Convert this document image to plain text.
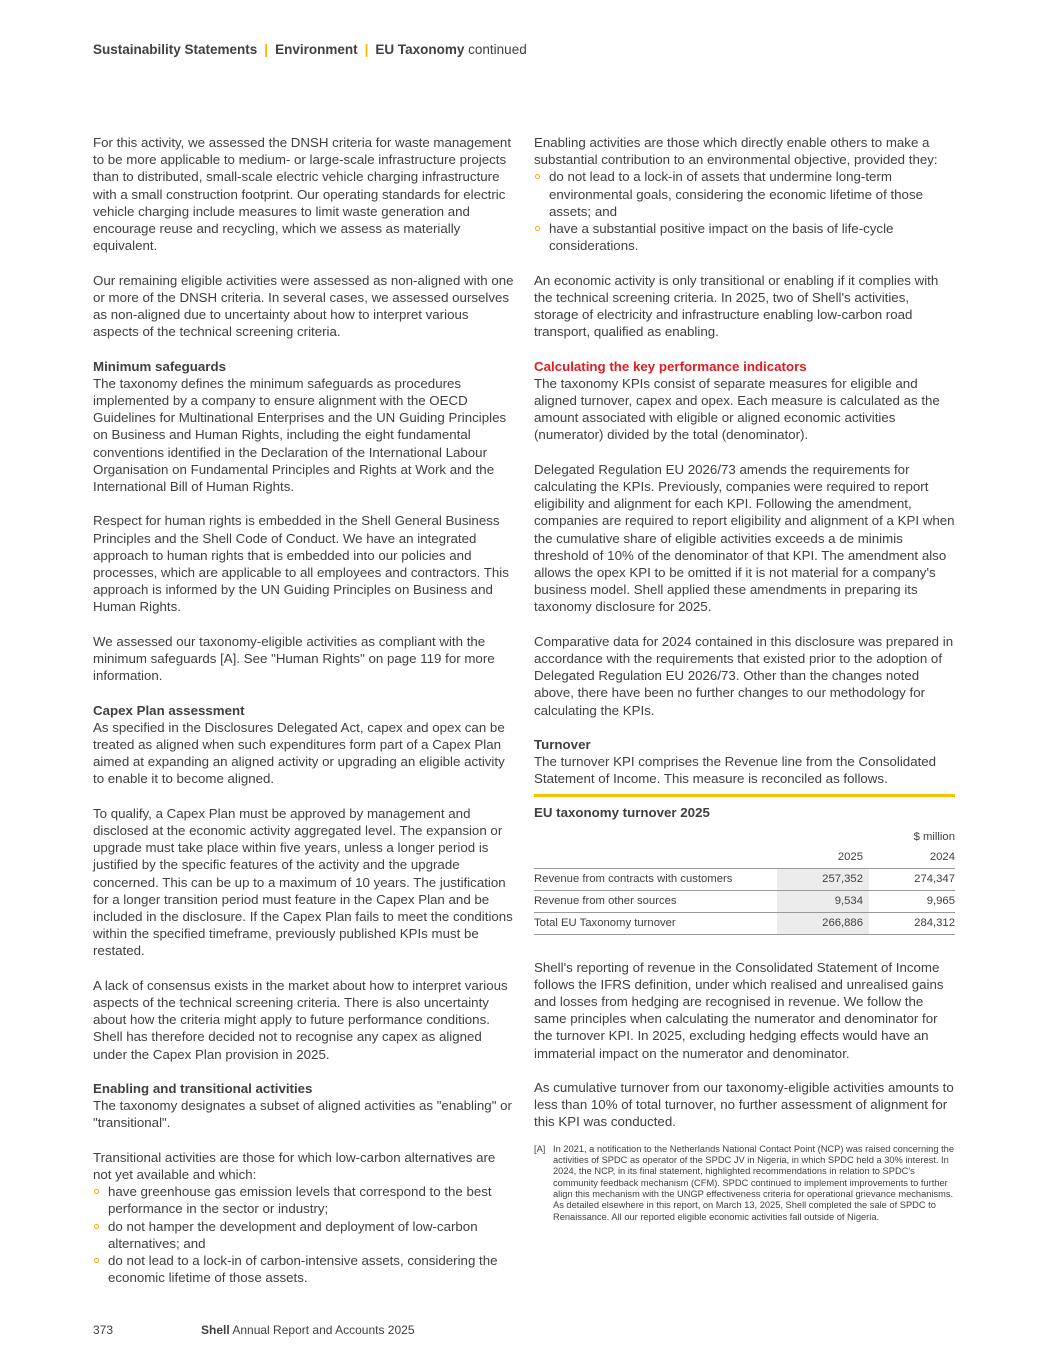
Sustainability Statements | Environment | EU Taxonomy continued

For this activity, we assessed the DNSH criteria for waste management to be more applicable to medium- or large-scale infrastructure projects than to distributed, small-scale electric vehicle charging infrastructure with a small construction footprint. Our operating standards for electric vehicle charging include measures to limit waste generation and encourage reuse and recycling, which we assess as materially equivalent.

Our remaining eligible activities were assessed as non-aligned with one or more of the DNSH criteria. In several cases, we assessed ourselves as non-aligned due to uncertainty about how to interpret various aspects of the technical screening criteria.

Minimum safeguards

The taxonomy defines the minimum safeguards as procedures implemented by a company to ensure alignment with the OECD Guidelines for Multinational Enterprises and the UN Guiding Principles on Business and Human Rights, including the eight fundamental conventions identified in the Declaration of the International Labour Organisation on Fundamental Principles and Rights at Work and the International Bill of Human Rights.

Respect for human rights is embedded in the Shell General Business Principles and the Shell Code of Conduct. We have an integrated approach to human rights that is embedded into our policies and processes, which are applicable to all employees and contractors. This approach is informed by the UN Guiding Principles on Business and Human Rights.

We assessed our taxonomy-eligible activities as compliant with the minimum safeguards [A]. See "Human Rights" on page 119 for more information.

Capex Plan assessment

As specified in the Disclosures Delegated Act, capex and opex can be treated as aligned when such expenditures form part of a Capex Plan aimed at expanding an aligned activity or upgrading an eligible activity to enable it to become aligned.

To qualify, a Capex Plan must be approved by management and disclosed at the economic activity aggregated level. The expansion or upgrade must take place within five years, unless a longer period is justified by the specific features of the activity and the upgrade concerned. This can be up to a maximum of 10 years. The justification for a longer transition period must feature in the Capex Plan and be included in the disclosure. If the Capex Plan fails to meet the conditions within the specified timeframe, previously published KPIs must be restated.

A lack of consensus exists in the market about how to interpret various aspects of the technical screening criteria. There is also uncertainty about how the criteria might apply to future performance conditions. Shell has therefore decided not to recognise any capex as aligned under the Capex Plan provision in 2025.

Enabling and transitional activities

The taxonomy designates a subset of aligned activities as "enabling" or "transitional".

Transitional activities are those for which low-carbon alternatives are not yet available and which:

have greenhouse gas emission levels that correspond to the best performance in the sector or industry;
do not hamper the development and deployment of low-carbon alternatives; and
do not lead to a lock-in of carbon-intensive assets, considering the economic lifetime of those assets.

Enabling activities are those which directly enable others to make a substantial contribution to an environmental objective, provided they:

do not lead to a lock-in of assets that undermine long-term environmental goals, considering the economic lifetime of those assets; and
have a substantial positive impact on the basis of life-cycle considerations.

An economic activity is only transitional or enabling if it complies with the technical screening criteria. In 2025, two of Shell's activities, storage of electricity and infrastructure enabling low-carbon road transport, qualified as enabling.

Calculating the key performance indicators

The taxonomy KPIs consist of separate measures for eligible and aligned turnover, capex and opex. Each measure is calculated as the amount associated with eligible or aligned economic activities (numerator) divided by the total (denominator).

Delegated Regulation EU 2026/73 amends the requirements for calculating the KPIs. Previously, companies were required to report eligibility and alignment for each KPI. Following the amendment, companies are required to report eligibility and alignment of a KPI when the cumulative share of eligible activities exceeds a de minimis threshold of 10% of the denominator of that KPI. The amendment also allows the opex KPI to be omitted if it is not material for a company's business model. Shell applied these amendments in preparing its taxonomy disclosure for 2025.

Comparative data for 2024 contained in this disclosure was prepared in accordance with the requirements that existed prior to the adoption of Delegated Regulation EU 2026/73. Other than the changes noted above, there have been no further changes to our methodology for calculating the KPIs.

Turnover

The turnover KPI comprises the Revenue line from the Consolidated Statement of Income. This measure is reconciled as follows.

EU taxonomy turnover 2025
		$ million
	2025	2024
Revenue from contracts with customers	257,352	274,347
Revenue from other sources	9,534	9,965
Total EU Taxonomy turnover	266,886	284,312

Shell's reporting of revenue in the Consolidated Statement of Income follows the IFRS definition, under which realised and unrealised gains and losses from hedging are recognised in revenue. We follow the same principles when calculating the numerator and denominator for the turnover KPI. In 2025, excluding hedging effects would have an immaterial impact on the numerator and denominator.

As cumulative turnover from our taxonomy-eligible activities amounts to less than 10% of total turnover, no further assessment of alignment for this KPI was conducted.

[A] In 2021, a notification to the Netherlands National Contact Point (NCP) was raised concerning the activities of SPDC as operator of the SPDC JV in Nigeria, in which SPDC held a 30% interest. In 2024, the NCP, in its final statement, highlighted recommendations in relation to SPDC's community feedback mechanism (CFM). SPDC continued to implement improvements to further align this mechanism with the UNGP effectiveness criteria for operational grievance mechanisms. As detailed elsewhere in this report, on March 13, 2025, Shell completed the sale of SPDC to Renaissance. All our reported eligible economic activities fall outside of Nigeria.
373	Shell Annual Report and Accounts 2025
